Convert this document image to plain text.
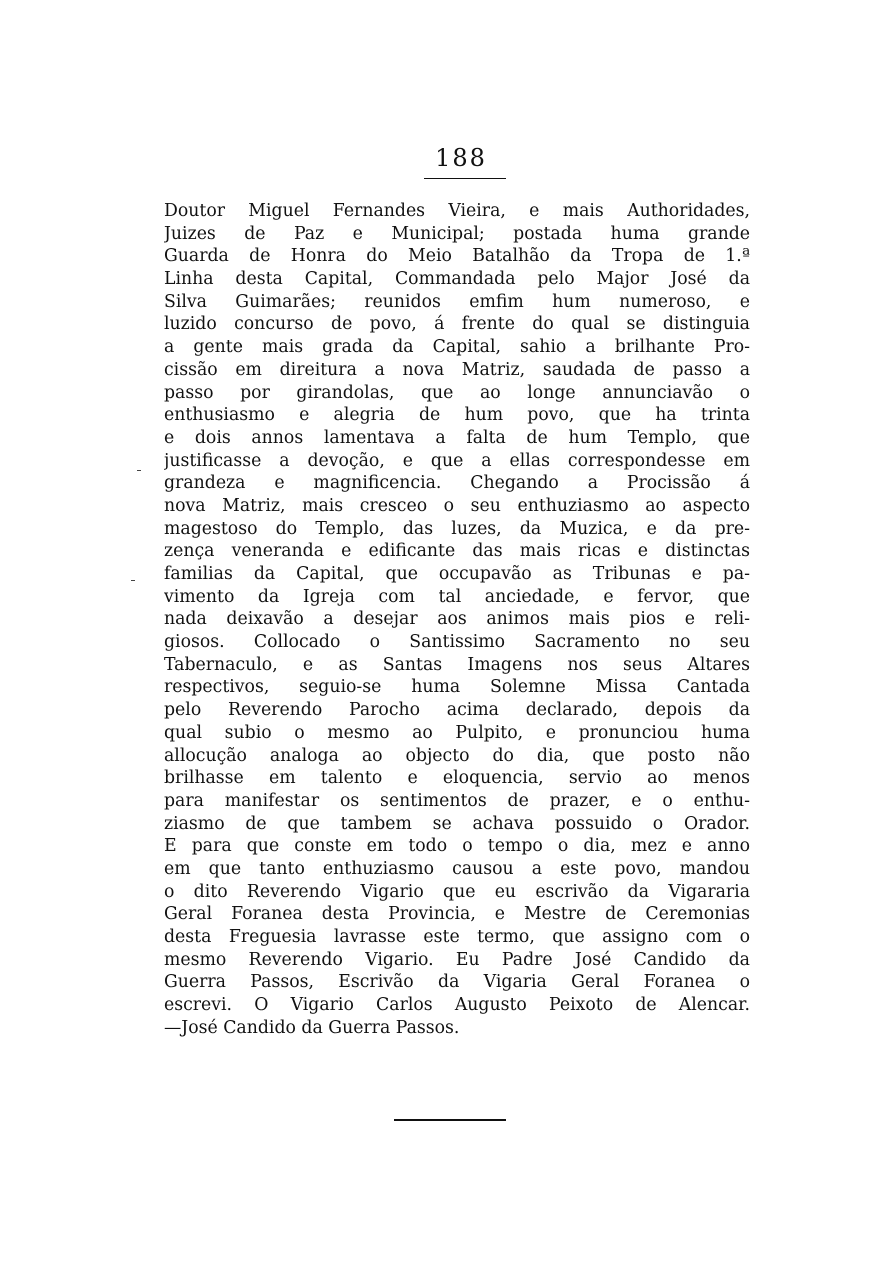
188
Doutor Miguel Fernandes Vieira, e mais Authoridades,
Juizes de Paz e Municipal; postada huma grande
Guarda de Honra do Meio Batalhão da Tropa de 1.ª
Linha desta Capital, Commandada pelo Major José da
Silva Guimarães; reunidos emfim hum numeroso, e
luzido concurso de povo, á frente do qual se distinguia
a gente mais grada da Capital, sahio a brilhante Pro-
cissão em direitura a nova Matriz, saudada de passo a
passo por girandolas, que ao longe annunciavão o
enthusiasmo e alegria de hum povo, que ha trinta
e dois annos lamentava a falta de hum Templo, que
justificasse a devoção, e que a ellas correspondesse em
grandeza e magnificencia. Chegando a Procissão á
nova Matriz, mais cresceo o seu enthuziasmo ao aspecto
magestoso do Templo, das luzes, da Muzica, e da pre-
zença veneranda e edificante das mais ricas e distinctas
familias da Capital, que occupavão as Tribunas e pa-
vimento da Igreja com tal anciedade, e fervor, que
nada deixavão a desejar aos animos mais pios e reli-
giosos. Collocado o Santissimo Sacramento no seu
Tabernaculo, e as Santas Imagens nos seus Altares
respectivos, seguio-se huma Solemne Missa Cantada
pelo Reverendo Parocho acima declarado, depois da
qual subio o mesmo ao Pulpito, e pronunciou huma
allocução analoga ao objecto do dia, que posto não
brilhasse em talento e eloquencia, servio ao menos
para manifestar os sentimentos de prazer, e o enthu-
ziasmo de que tambem se achava possuido o Orador.
E para que conste em todo o tempo o dia, mez e anno
em que tanto enthuziasmo causou a este povo, mandou
o dito Reverendo Vigario que eu escrivão da Vigararia
Geral Foranea desta Provincia, e Mestre de Ceremonias
desta Freguesia lavrasse este termo, que assigno com o
mesmo Reverendo Vigario. Eu Padre José Candido da
Guerra Passos, Escrivão da Vigaria Geral Foranea o
escrevi. O Vigario Carlos Augusto Peixoto de Alencar.
—José Candido da Guerra Passos.
